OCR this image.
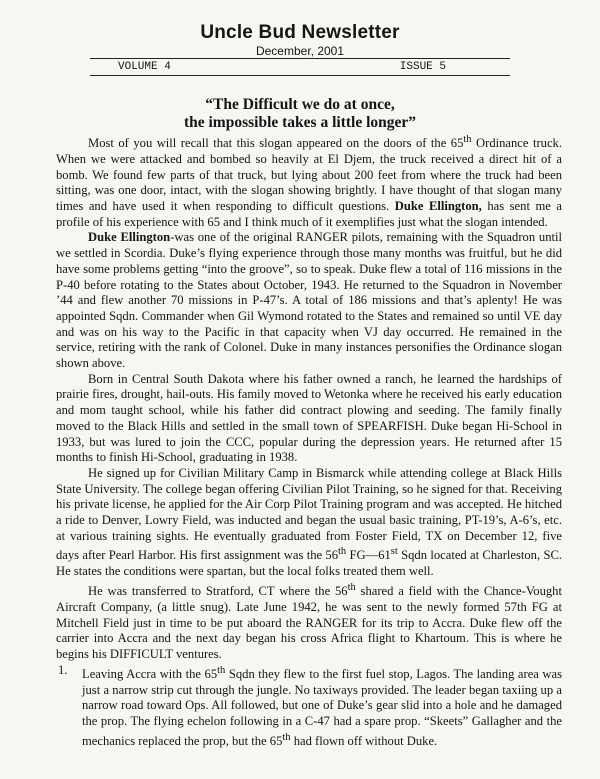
Uncle Bud Newsletter
December, 2001
VOLUME 4	ISSUE 5
“The Difficult we do at once,
the impossible takes a little longer”

Most of you will recall that this slogan appeared on the doors of the 65th Ordinance truck. When we were attacked and bombed so heavily at El Djem, the truck received a direct hit of a bomb. We found few parts of that truck, but lying about 200 feet from where the truck had been sitting, was one door, intact, with the slogan showing brightly. I have thought of that slogan many times and have used it when responding to difficult questions. Duke Ellington, has sent me a profile of his experience with 65 and I think much of it exemplifies just what the slogan intended.

Duke Ellington-was one of the original RANGER pilots, remaining with the Squadron until we settled in Scordia. Duke’s flying experience through those many months was fruitful, but he did have some problems getting “into the groove”, so to speak. Duke flew a total of 116 missions in the P-40 before rotating to the States about October, 1943. He returned to the Squadron in November ’44 and flew another 70 missions in P-47’s. A total of 186 missions and that’s aplenty! He was appointed Sqdn. Commander when Gil Wymond rotated to the States and remained so until VE day and was on his way to the Pacific in that capacity when VJ day occurred. He remained in the service, retiring with the rank of Colonel. Duke in many instances personifies the Ordinance slogan shown above.

Born in Central South Dakota where his father owned a ranch, he learned the hardships of prairie fires, drought, hail-outs. His family moved to Wetonka where he received his early education and mom taught school, while his father did contract plowing and seeding. The family finally moved to the Black Hills and settled in the small town of SPEARFISH. Duke began Hi-School in 1933, but was lured to join the CCC, popular during the depression years. He returned after 15 months to finish Hi-School, graduating in 1938.

He signed up for Civilian Military Camp in Bismarck while attending college at Black Hills State University. The college began offering Civilian Pilot Training, so he signed for that. Receiving his private license, he applied for the Air Corp Pilot Training program and was accepted. He hitched a ride to Denver, Lowry Field, was inducted and began the usual basic training, PT-19’s, A-6’s, etc. at various training sights. He eventually graduated from Foster Field, TX on December 12, five days after Pearl Harbor. His first assignment was the 56th FG—61st Sqdn located at Charleston, SC. He states the conditions were spartan, but the local folks treated them well.

He was transferred to Stratford, CT where the 56th shared a field with the Chance-Vought Aircraft Company, (a little snug). Late June 1942, he was sent to the newly formed 57th FG at Mitchell Field just in time to be put aboard the RANGER for its trip to Accra. Duke flew off the carrier into Accra and the next day began his cross Africa flight to Khartoum. This is where he begins his DIFFICULT ventures.

1. Leaving Accra with the 65th Sqdn they flew to the first fuel stop, Lagos. The landing area was just a narrow strip cut through the jungle. No taxiways provided. The leader began taxiing up a narrow road toward Ops. All followed, but one of Duke’s gear slid into a hole and he damaged the prop. The flying echelon following in a C-47 had a spare prop. “Skeets” Gallagher and the mechanics replaced the prop, but the 65th had flown off without Duke.
